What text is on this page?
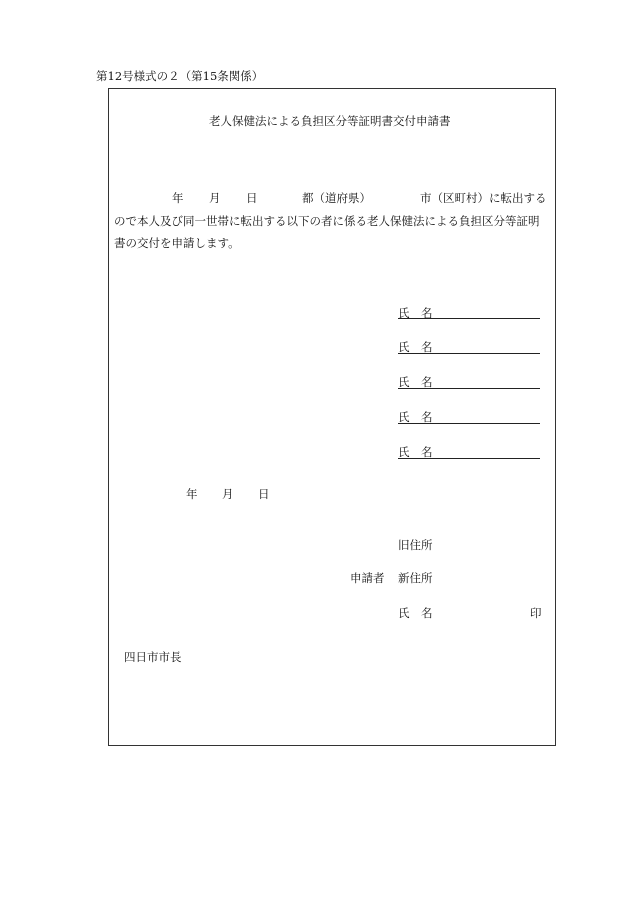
第12号様式の２（第15条関係）
老人保健法による負担区分等証明書交付申請書
年 月 日	都（道府県）	市（区町村）に転出する
ので本人及び同一世帯に転出する以下の者に係る老人保健法による負担区分等証明
書の交付を申請します。
氏　名
氏　名
氏　名
氏　名
氏　名
年 月 日
旧住所
申請者 新住所
氏　名	印
四日市市長
